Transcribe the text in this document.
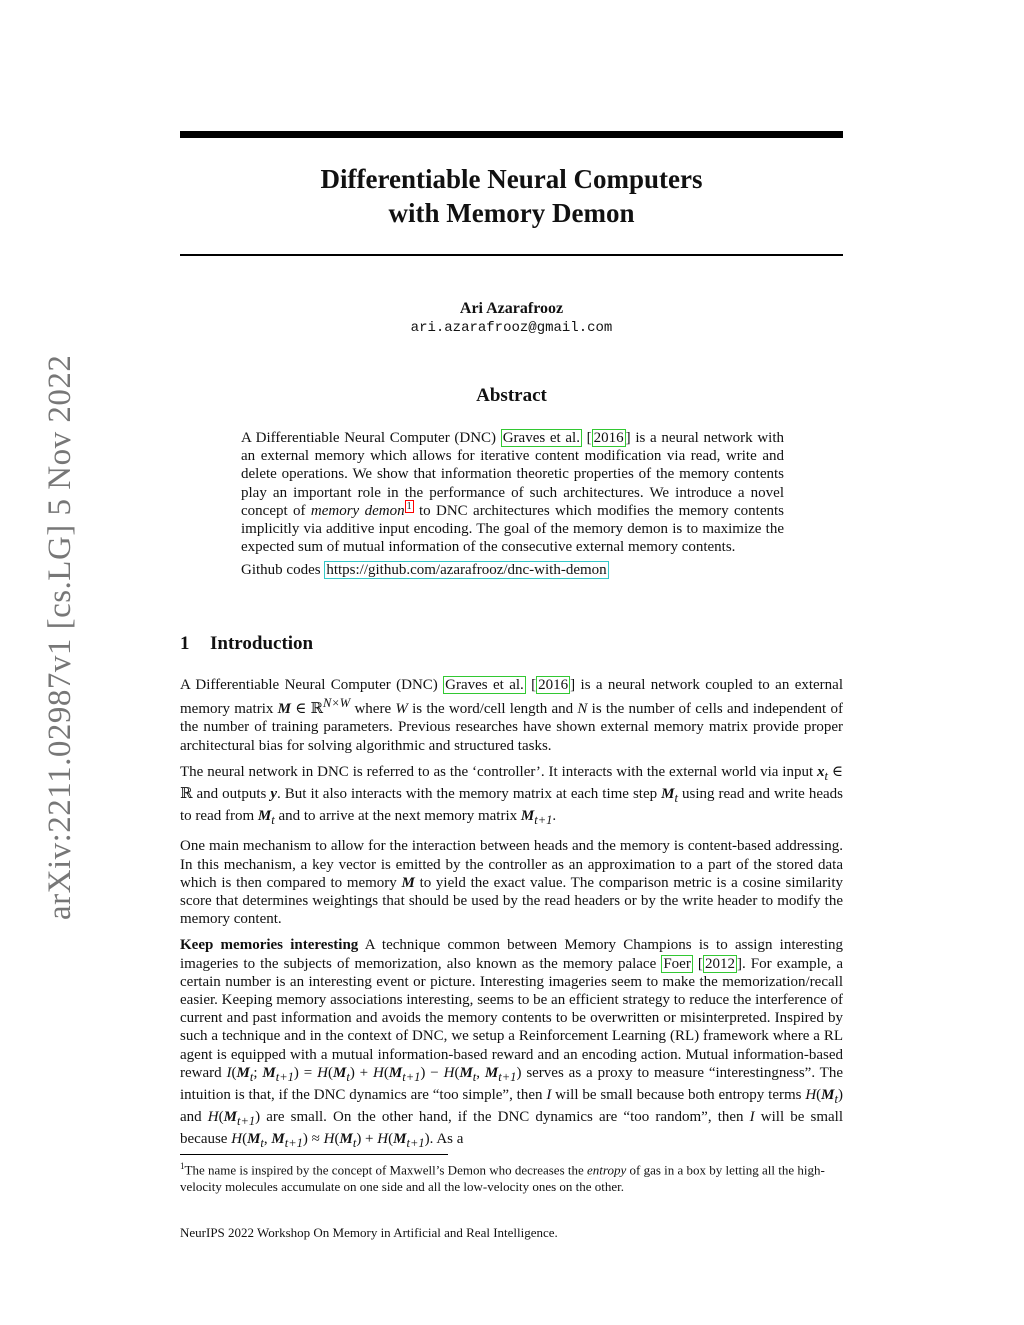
arXiv:2211.02987v1 [cs.LG] 5 Nov 2022
Differentiable Neural Computers
with Memory Demon
Ari Azarafrooz
ari.azarafrooz@gmail.com
Abstract

A Differentiable Neural Computer (DNC) Graves et al. [ 2016 ] is a neural network with an external memory which allows for iterative content modification via read, write and delete operations. We show that information theoretic properties of the memory contents play an important role in the performance of such architectures. We introduce a novel concept of memory demon $^1$ to DNC architectures which modifies the memory contents implicitly via additive input encoding. The goal of the memory demon is to maximize the expected sum of mutual information of the consecutive external memory contents.

Github codes https://github.com/azarafrooz/dnc-with-demon

1 Introduction

A Differentiable Neural Computer (DNC) Graves et al. [ 2016 ] is a neural network coupled to an external memory matrix M ∈ ℝ$^{N\times W}$ where W is the word/cell length and N is the number of cells and independent of the number of training parameters. Previous researches have shown external memory matrix provide proper architectural bias for solving algorithmic and structured tasks.

The neural network in DNC is referred to as the ‘controller’. It interacts with the external world via input $x_t$ ∈ ℝ and outputs y. But it also interacts with the memory matrix at each time step $M_t$ using read and write heads to read from $M_t$ and to arrive at the next memory matrix $M_{t+1}$.

One main mechanism to allow for the interaction between heads and the memory is content-based addressing. In this mechanism, a key vector is emitted by the controller as an approximation to a part of the stored data which is then compared to memory M to yield the exact value. The comparison metric is a cosine similarity score that determines weightings that should be used by the read headers or by the write header to modify the memory content.

Keep memories interesting A technique common between Memory Champions is to assign interesting imageries to the subjects of memorization, also known as the memory palace Foer [ 2012 ]. For example, a certain number is an interesting event or picture. Interesting imageries seem to make the memorization/recall easier. Keeping memory associations interesting, seems to be an efficient strategy to reduce the interference of current and past information and avoids the memory contents to be overwritten or misinterpreted. Inspired by such a technique and in the context of DNC, we setup a Reinforcement Learning (RL) framework where a RL agent is equipped with a mutual information-based reward and an encoding action. Mutual information-based reward $I(M_t$; $M_{t+1}) = H(M_t) + H(M_{t+1}) - H(M_t$, $M_{t+1}$) serves as a proxy to measure “interestingness”. The intuition is that, if the DNC dynamics are “too simple”, then I will be small because both entropy terms $H(M_t)$ and $H(M_{t+1})$ are small. On the other hand, if the DNC dynamics are “too random”, then I will be small because $H(M_t$, $M_{t+1}) \approx H(M_t) + H(M_{t+1})$. As a

$^1$The name is inspired by the concept of Maxwell’s Demon who decreases the entropy of gas in a box by letting all the high-velocity molecules accumulate on one side and all the low-velocity ones on the other.
NeurIPS 2022 Workshop On Memory in Artificial and Real Intelligence.
